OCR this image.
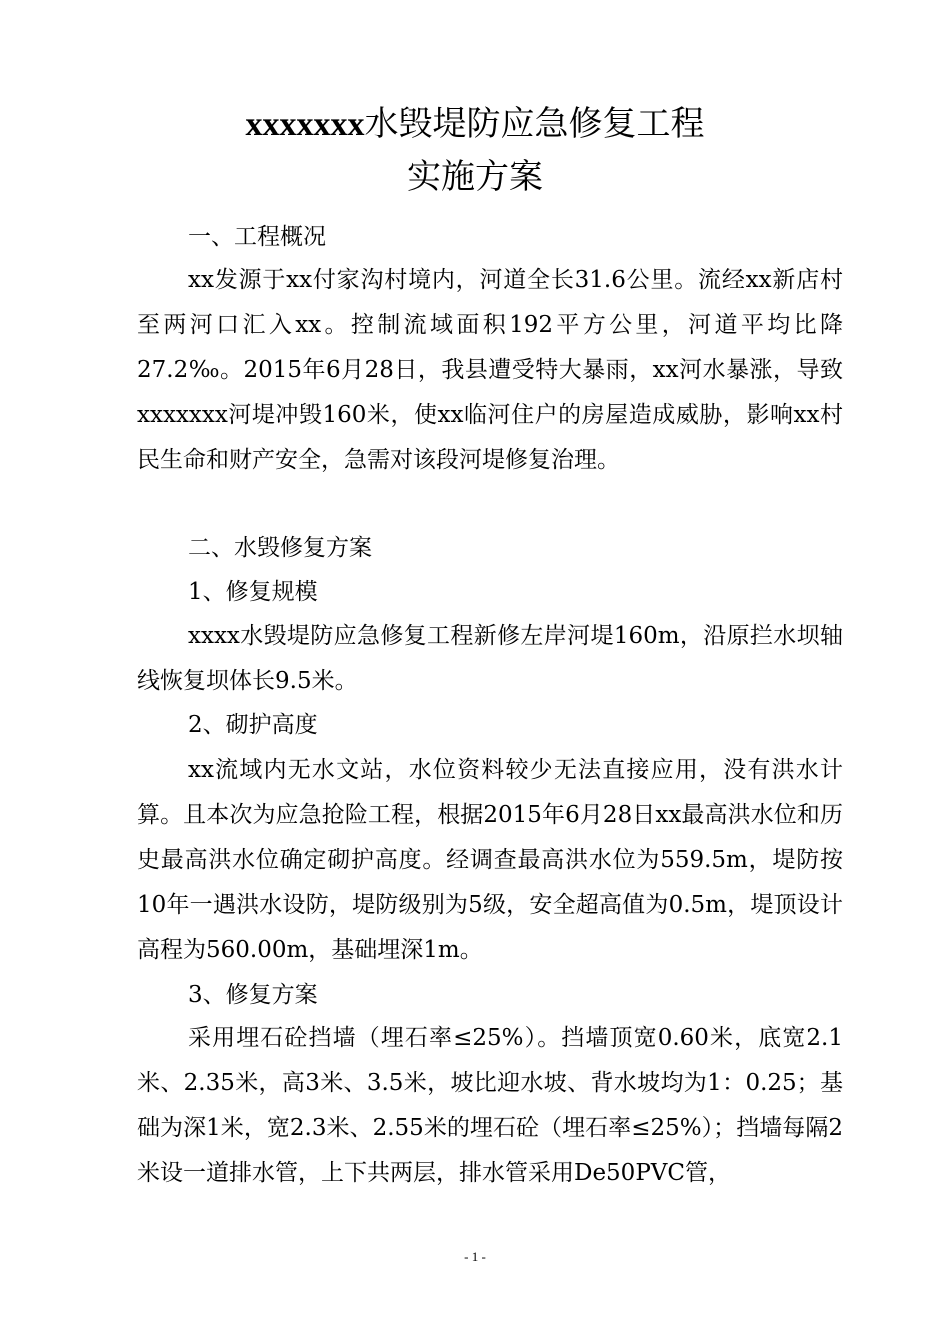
xxxxxxx水毁堤防应急修复工程
实施方案
一、工程概况
xx发源于xx付家沟村境内，河道全长31.6公里。流经xx新店村至两河口汇入xx。控制流域面积192平方公里，河道平均比降27.2‰。2015年6月28日，我县遭受特大暴雨，xx河水暴涨，导致xxxxxxx河堤冲毁160米，使xx临河住户的房屋造成威胁，影响xx村民生命和财产安全，急需对该段河堤修复治理。
二、水毁修复方案
1、修复规模
xxxx水毁堤防应急修复工程新修左岸河堤160m，沿原拦水坝轴线恢复坝体长9.5米。
2、砌护高度
xx流域内无水文站，水位资料较少无法直接应用，没有洪水计算。且本次为应急抢险工程，根据2015年6月28日xx最高洪水位和历史最高洪水位确定砌护高度。经调查最高洪水位为559.5m，堤防按10年一遇洪水设防，堤防级别为5级，安全超高值为0.5m，堤顶设计高程为560.00m，基础埋深1m。
3、修复方案
采用埋石砼挡墙（埋石率≤25%）。挡墙顶宽0.60米，底宽2.1米、2.35米，高3米、3.5米，坡比迎水坡、背水坡均为1：0.25；基础为深1米，宽2.3米、2.55米的埋石砼（埋石率≤25%）；挡墙每隔2米设一道排水管，上下共两层，排水管采用De50PVC管，
- 1 -
